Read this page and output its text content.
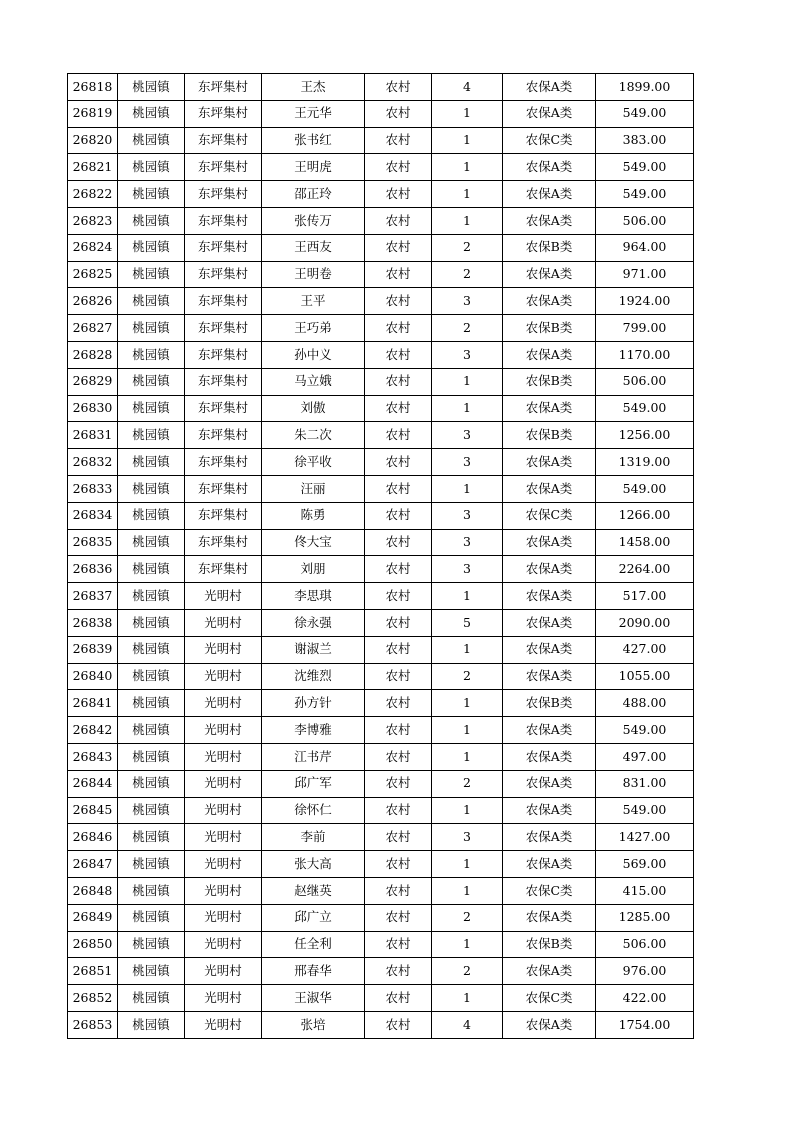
26818	桃园镇	东坪集村	王杰	农村	4	农保A类	1899.00
26819	桃园镇	东坪集村	王元华	农村	1	农保A类	549.00
26820	桃园镇	东坪集村	张书红	农村	1	农保C类	383.00
26821	桃园镇	东坪集村	王明虎	农村	1	农保A类	549.00
26822	桃园镇	东坪集村	邵正玲	农村	1	农保A类	549.00
26823	桃园镇	东坪集村	张传万	农村	1	农保A类	506.00
26824	桃园镇	东坪集村	王西友	农村	2	农保B类	964.00
26825	桃园镇	东坪集村	王明卷	农村	2	农保A类	971.00
26826	桃园镇	东坪集村	王平	农村	3	农保A类	1924.00
26827	桃园镇	东坪集村	王巧弟	农村	2	农保B类	799.00
26828	桃园镇	东坪集村	孙中义	农村	3	农保A类	1170.00
26829	桃园镇	东坪集村	马立娥	农村	1	农保B类	506.00
26830	桃园镇	东坪集村	刘傲	农村	1	农保A类	549.00
26831	桃园镇	东坪集村	朱二次	农村	3	农保B类	1256.00
26832	桃园镇	东坪集村	徐平收	农村	3	农保A类	1319.00
26833	桃园镇	东坪集村	汪丽	农村	1	农保A类	549.00
26834	桃园镇	东坪集村	陈勇	农村	3	农保C类	1266.00
26835	桃园镇	东坪集村	佟大宝	农村	3	农保A类	1458.00
26836	桃园镇	东坪集村	刘朋	农村	3	农保A类	2264.00
26837	桃园镇	光明村	李思琪	农村	1	农保A类	517.00
26838	桃园镇	光明村	徐永强	农村	5	农保A类	2090.00
26839	桃园镇	光明村	谢淑兰	农村	1	农保A类	427.00
26840	桃园镇	光明村	沈维烈	农村	2	农保A类	1055.00
26841	桃园镇	光明村	孙方针	农村	1	农保B类	488.00
26842	桃园镇	光明村	李博雅	农村	1	农保A类	549.00
26843	桃园镇	光明村	江书芹	农村	1	农保A类	497.00
26844	桃园镇	光明村	邱广军	农村	2	农保A类	831.00
26845	桃园镇	光明村	徐怀仁	农村	1	农保A类	549.00
26846	桃园镇	光明村	李前	农村	3	农保A类	1427.00
26847	桃园镇	光明村	张大高	农村	1	农保A类	569.00
26848	桃园镇	光明村	赵继英	农村	1	农保C类	415.00
26849	桃园镇	光明村	邱广立	农村	2	农保A类	1285.00
26850	桃园镇	光明村	任全利	农村	1	农保B类	506.00
26851	桃园镇	光明村	邢春华	农村	2	农保A类	976.00
26852	桃园镇	光明村	王淑华	农村	1	农保C类	422.00
26853	桃园镇	光明村	张培	农村	4	农保A类	1754.00
